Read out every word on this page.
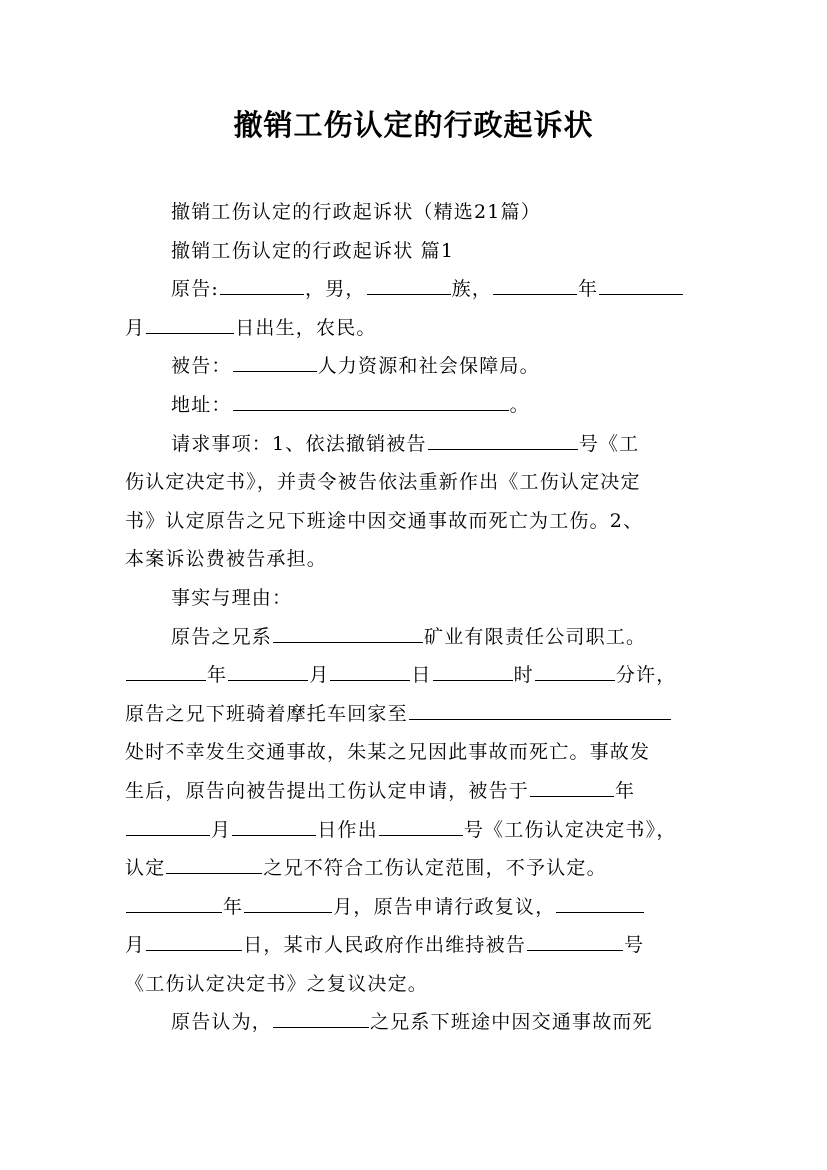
撤销工伤认定的行政起诉状
撤销工伤认定的行政起诉状（精选21篇）
撤销工伤认定的行政起诉状 篇1
原告:	，男，	族，	年
月	日出生，农民。
被告：	人力资源和社会保障局。
地址：	。
请求事项：1、依法撤销被告	号《工
伤认定决定书》，并责令被告依法重新作出《工伤认定决定
书》认定原告之兄下班途中因交通事故而死亡为工伤。2、
本案诉讼费被告承担。
事实与理由：
原告之兄系	矿业有限责任公司职工。
年	月	日	时	分许，
原告之兄下班骑着摩托车回家至
处时不幸发生交通事故，朱某之兄因此事故而死亡。事故发
生后，原告向被告提出工伤认定申请，被告于	年
月	日作出	号《工伤认定决定书》，
认定	之兄不符合工伤认定范围，不予认定。
年	月，原告申请行政复议，
月	日，某市人民政府作出维持被告	号
《工伤认定决定书》之复议决定。
原告认为，	之兄系下班途中因交通事故而死
